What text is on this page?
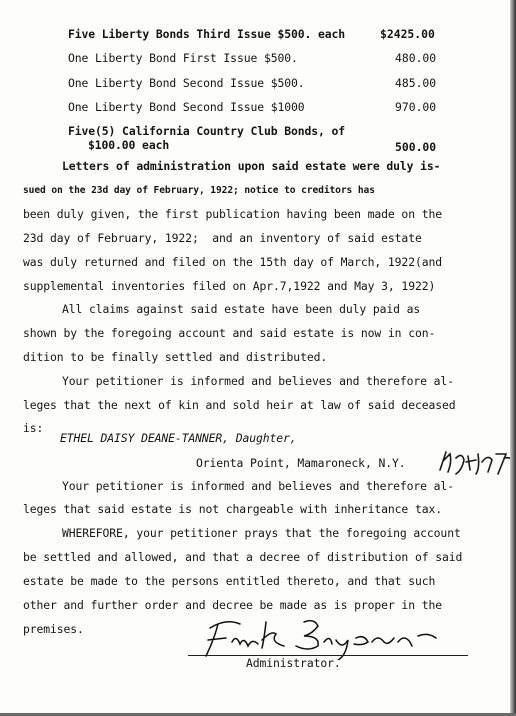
Five Liberty Bonds Third Issue $500. each	$2425.00
One Liberty Bond First Issue $500.	480.00
One Liberty Bond Second Issue $500.	485.00
One Liberty Bond Second Issue $1000	970.00
Five(5) California Country Club Bonds, of
$100.00 each	500.00
Letters of administration upon said estate were duly is-
sued on the 23d day of February, 1922; notice to creditors has
been duly given, the first publication having been made on the
23d day of February, 1922;  and an inventory of said estate
was duly returned and filed on the 15th day of March, 1922(and
supplemental inventories filed on Apr.7,1922 and May 3, 1922)
All claims against said estate have been duly paid as
shown by the foregoing account and said estate is now in con-
dition to be finally settled and distributed.
Your petitioner is informed and believes and therefore al-
leges that the next of kin and sold heir at law of said deceased
is:
ETHEL DAISY DEANE-TANNER, Daughter,
Orienta Point, Mamaroneck, N.Y.
Your petitioner is informed and believes and therefore al-
leges that said estate is not chargeable with inheritance tax.
WHEREFORE, your petitioner prays that the foregoing account
be settled and allowed, and that a decree of distribution of said
estate be made to the persons entitled thereto, and that such
other and further order and decree be made as is proper in the
premises.
Administrator.
